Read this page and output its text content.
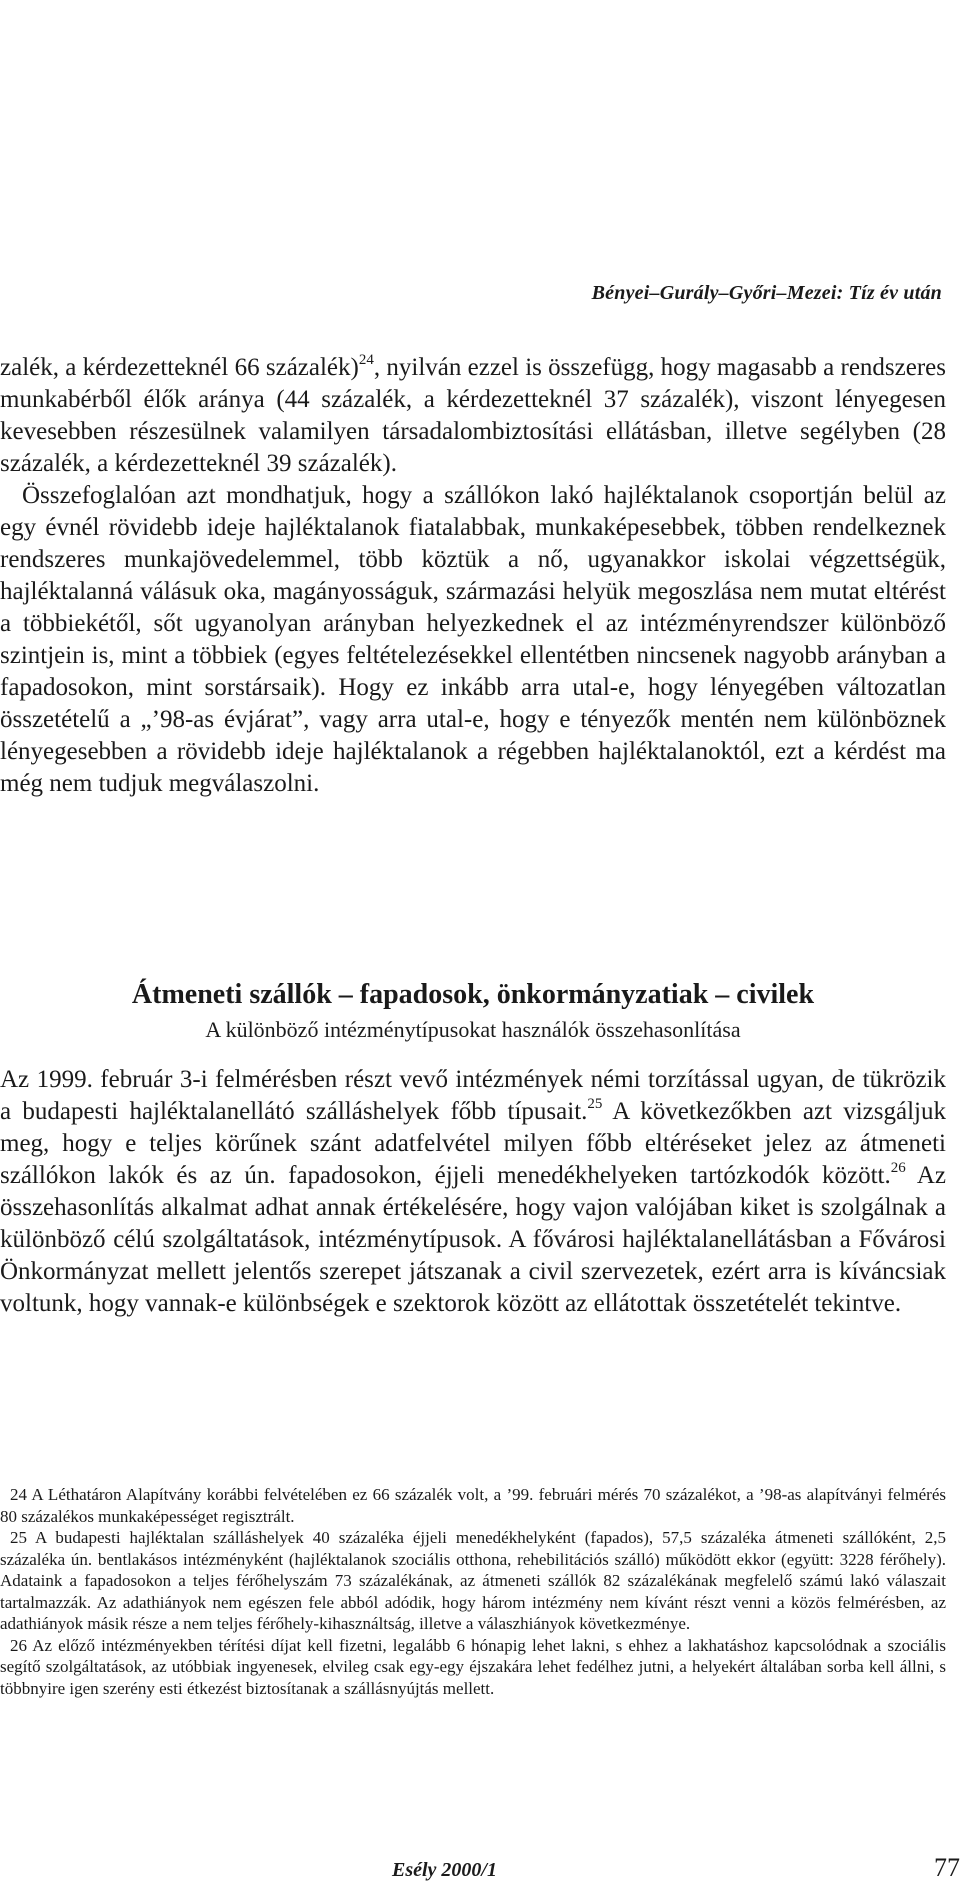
Bényei–Gurály–Győri–Mezei: Tíz év után

zalék, a kérdezetteknél 66 százalék)$^{24}$, nyilván ezzel is összefügg, hogy magasabb a rendszeres munkabérből élők aránya (44 százalék, a kérdezetteknél 37 százalék), viszont lényegesen kevesebben részesülnek valamilyen társadalombiztosítási ellátásban, illetve segélyben (28 százalék, a kérdezetteknél 39 százalék).

Összefoglalóan azt mondhatjuk, hogy a szállókon lakó hajléktalanok csoportján belül az egy évnél rövidebb ideje hajléktalanok fiatalabbak, munkaképesebbek, többen rendelkeznek rendszeres munkajövedelemmel, több köztük a nő, ugyanakkor iskolai végzettségük, hajléktalanná válásuk oka, magányosságuk, származási helyük megoszlása nem mutat eltérést a többiekétől, sőt ugyanolyan arányban helyezkednek el az intézményrendszer különböző szintjein is, mint a többiek (egyes feltételezésekkel ellentétben nincsenek nagyobb arányban a fapadosokon, mint sorstársaik). Hogy ez inkább arra utal-e, hogy lényegében változatlan összetételű a „’98-as évjárat”, vagy arra utal-e, hogy e tényezők mentén nem különböznek lényegesebben a rövidebb ideje hajléktalanok a régebben hajléktalanoktól, ezt a kérdést ma még nem tudjuk megválaszolni.

Átmeneti szállók – fapadosok, önkormányzatiak – civilek
A különböző intézménytípusokat használók összehasonlítása

Az 1999. február 3-i felmérésben részt vevő intézmények némi torzítással ugyan, de tükrözik a budapesti hajléktalanellátó szálláshelyek főbb típusait.$^{25}$ A következőkben azt vizsgáljuk meg, hogy e teljes körűnek szánt adatfelvétel milyen főbb eltéréseket jelez az átmeneti szállókon lakók és az ún. fapadosokon, éjjeli menedékhelyeken tartózkodók között.$^{26}$ Az összehasonlítás alkalmat adhat annak értékelésére, hogy vajon valójában kiket is szolgálnak a különböző célú szolgáltatások, intézménytípusok. A fővárosi hajléktalanellátásban a Fővárosi Önkormányzat mellett jelentős szerepet játszanak a civil szervezetek, ezért arra is kíváncsiak voltunk, hogy vannak-e különbségek e szektorok között az ellátottak összetételét tekintve.

24 A Léthatáron Alapítvány korábbi felvételében ez 66 százalék volt, a ’99. februári mérés 70 százalékot, a ’98-as alapítványi felmérés 80 százalékos munkaképességet regisztrált.

25 A budapesti hajléktalan szálláshelyek 40 százaléka éjjeli menedékhelyként (fapados), 57,5 százaléka átmeneti szállóként, 2,5 százaléka ún. bentlakásos intézményként (hajléktalanok szociális otthona, rehebilitációs szálló) működött ekkor (együtt: 3228 férőhely). Adataink a fapadosokon a teljes férőhelyszám 73 százalékának, az átmeneti szállók 82 százalékának megfelelő számú lakó válaszait tartalmazzák. Az adathiányok nem egészen fele abból adódik, hogy három intézmény nem kívánt részt venni a közös felmérésben, az adathiányok másik része a nem teljes férőhely-kihasználtság, illetve a válaszhiányok következménye.

26 Az előző intézményekben térítési díjat kell fizetni, legalább 6 hónapig lehet lakni, s ehhez a lakhatáshoz kapcsolódnak a szociális segítő szolgáltatások, az utóbbiak ingyenesek, elvileg csak egy-egy éjszakára lehet fedélhez jutni, a helyekért általában sorba kell állni, s többnyire igen szerény esti étkezést biztosítanak a szállásnyújtás mellett.

Esély 2000/1	77
